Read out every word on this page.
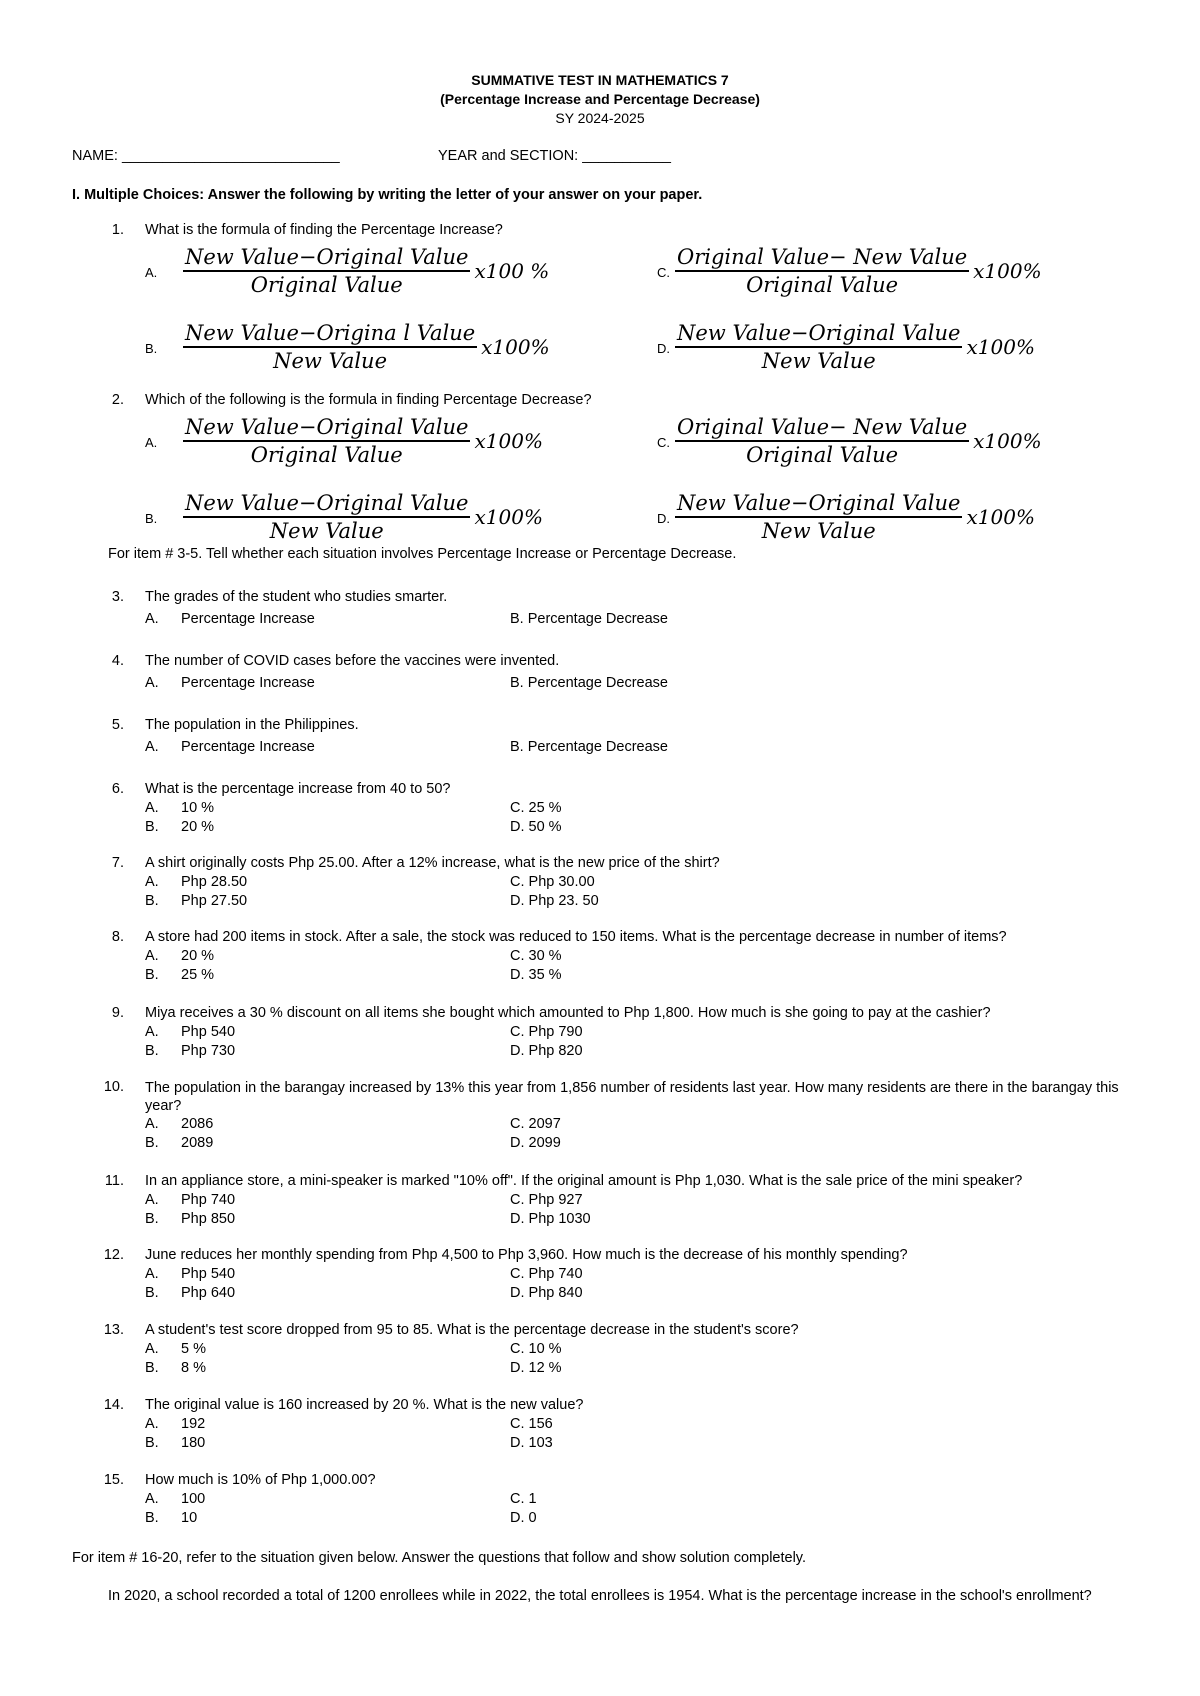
SUMMATIVE TEST IN MATHEMATICS 7
(Percentage Increase and Percentage Decrease)
SY 2024-2025
NAME: ___________________________	YEAR and SECTION: ___________
I. Multiple Choices: Answer the following by writing the letter of your answer on your paper.
1. What is the formula of finding the Percentage Increase?
A. $\frac{\text{New Value−Original Value}}{\text{Original Value}} x100$ %	C. $\frac{\text{Original Value− New Value}}{\text{Original Value}} x100\%$
B. $\frac{\text{New Value−Origina l Value}}{\text{New Value}} x100\%$	D. $\frac{\text{New Value−Original Value}}{\text{New Value}} x100\%$
2. Which of the following is the formula in finding Percentage Decrease?
A. $\frac{\text{New Value−Original Value}}{\text{Original Value}} x100\%$	C. $\frac{\text{Original Value− New Value}}{\text{Original Value}} x100\%$
B. $\frac{\text{New Value−Original Value}}{\text{New Value}} x100\%$	D. $\frac{\text{New Value−Original Value}}{\text{New Value}} x100\%$
For item # 3-5. Tell whether each situation involves Percentage Increase or Percentage Decrease.
3. The grades of the student who studies smarter.
A. Percentage Increase	B. Percentage Decrease
4. The number of COVID cases before the vaccines were invented.
A. Percentage Increase	B. Percentage Decrease
5. The population in the Philippines.
A. Percentage Increase	B. Percentage Decrease
6. What is the percentage increase from 40 to 50?
A. 10 %	C. 25 %
B. 20 %	D. 50 %
7. A shirt originally costs Php 25.00. After a 12% increase, what is the new price of the shirt?
A. Php 28.50	C. Php 30.00
B. Php 27.50	D. Php 23. 50
8. A store had 200 items in stock. After a sale, the stock was reduced to 150 items. What is the percentage decrease in number of items?
A. 20 %	C. 30 %
B. 25 %	D. 35 %
9. Miya receives a 30 % discount on all items she bought which amounted to Php 1,800. How much is she going to pay at the cashier?
A. Php 540	C. Php 790
B. Php 730	D. Php 820
10. The population in the barangay increased by 13% this year from 1,856 number of residents last year. How many residents are there in the barangay this year?
A. 2086	C. 2097
B. 2089	D. 2099
11. In an appliance store, a mini-speaker is marked "10% off". If the original amount is Php 1,030. What is the sale price of the mini speaker?
A. Php 740	C. Php 927
B. Php 850	D. Php 1030
12. June reduces her monthly spending from Php 4,500 to Php 3,960. How much is the decrease of his monthly spending?
A. Php 540	C. Php 740
B. Php 640	D. Php 840
13. A student's test score dropped from 95 to 85. What is the percentage decrease in the student's score?
A. 5 %	C. 10 %
B. 8 %	D. 12 %
14. The original value is 160 increased by 20 %. What is the new value?
A. 192	C. 156
B. 180	D. 103
15. How much is 10% of Php 1,000.00?
A. 100	C. 1
B. 10	D. 0
For item # 16-20, refer to the situation given below. Answer the questions that follow and show solution completely.
In 2020, a school recorded a total of 1200 enrollees while in 2022, the total enrollees is 1954. What is the percentage increase in the school's enrollment?
